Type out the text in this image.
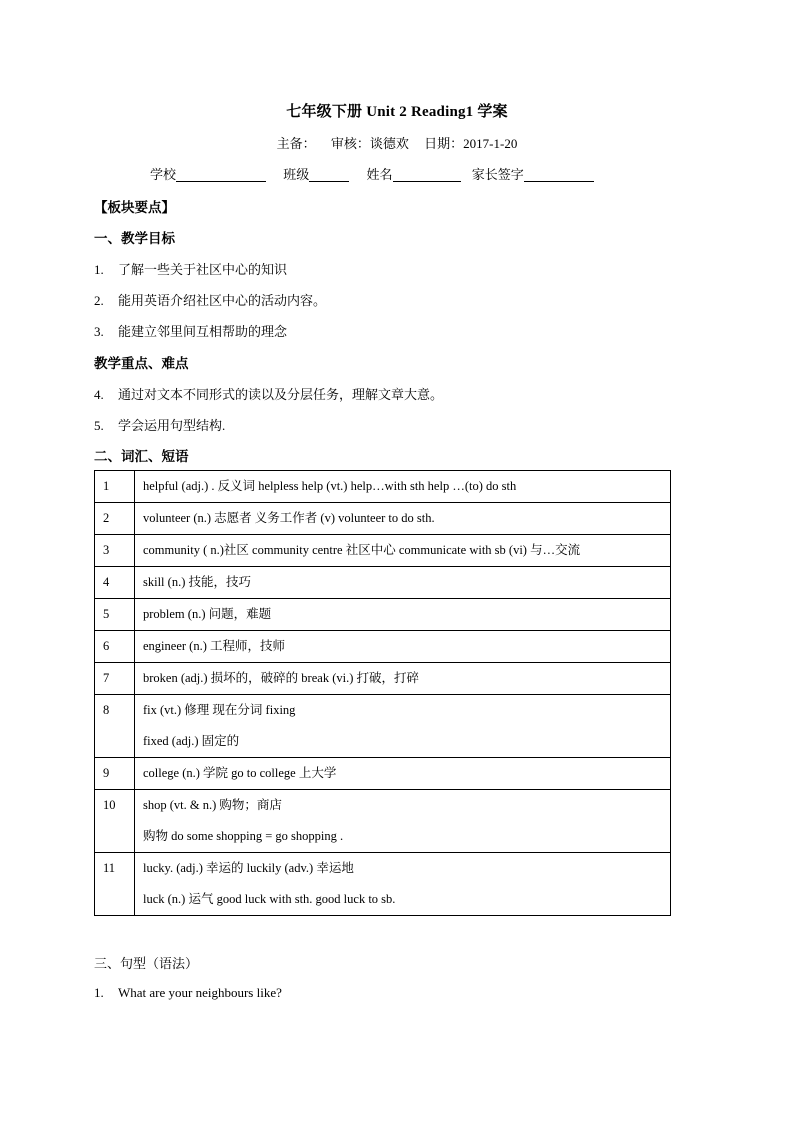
七年级下册 Unit 2 Reading1 学案
主备： 审核：谈德欢 日期：2017-1-20
学校	班级	姓名	家长签字
【板块要点】
一、教学目标
1. 了解一些关于社区中心的知识
2. 能用英语介绍社区中心的活动内容。
3. 能建立邻里间互相帮助的理念
教学重点、难点
4. 通过对文本不同形式的读以及分层任务，理解文章大意。
5. 学会运用句型结构.
二、词汇、短语
1	helpful (adj.) . 反义词 helpless help (vt.) help…with sth help …(to) do sth

2	volunteer (n.) 志愿者 义务工作者 (v) volunteer to do sth.

3	community ( n.)社区 community centre 社区中心 communicate with sb (vi) 与…交流

4	skill (n.) 技能，技巧

5	problem (n.) 问题，难题

6	engineer (n.) 工程师，技师

7	broken (adj.) 损坏的，破碎的 break (vi.) 打破，打碎

8	fix (vt.) 修理 现在分词 fixing
fixed (adj.) 固定的

9	college (n.) 学院 go to college 上大学

10	shop (vt. & n.) 购物；商店
购物 do some shopping = go shopping .

11	lucky. (adj.) 幸运的 luckily (adv.) 幸运地
luck (n.) 运气 good luck with sth. good luck to sb.
三、句型（语法）
1. What are your neighbours like?
